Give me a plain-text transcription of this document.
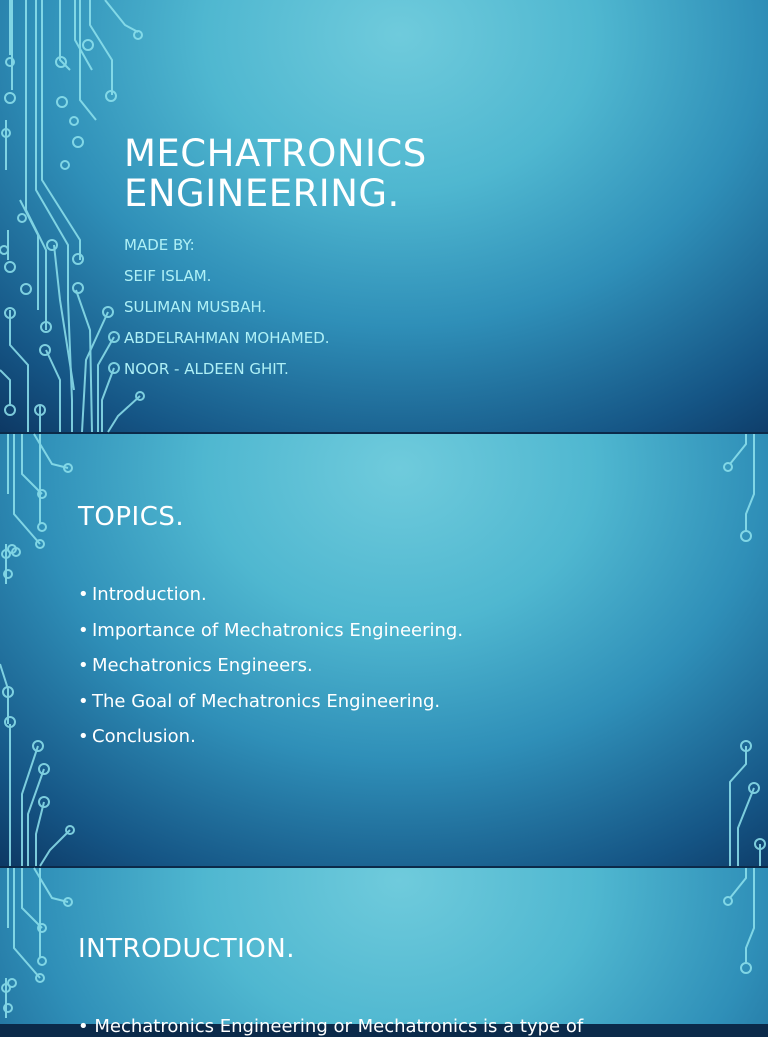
MECHATRONICS
ENGINEERING.
MADE BY:
SEIF ISLAM.
SULIMAN MUSBAH.
ABDELRAHMAN MOHAMED.
NOOR - ALDEEN GHIT.
TOPICS.
• Introduction.
• Importance of Mechatronics Engineering.
• Mechatronics Engineers.
• The Goal of Mechatronics Engineering.
• Conclusion.
INTRODUCTION.
• Mechatronics Engineering or Mechatronics is a type of
